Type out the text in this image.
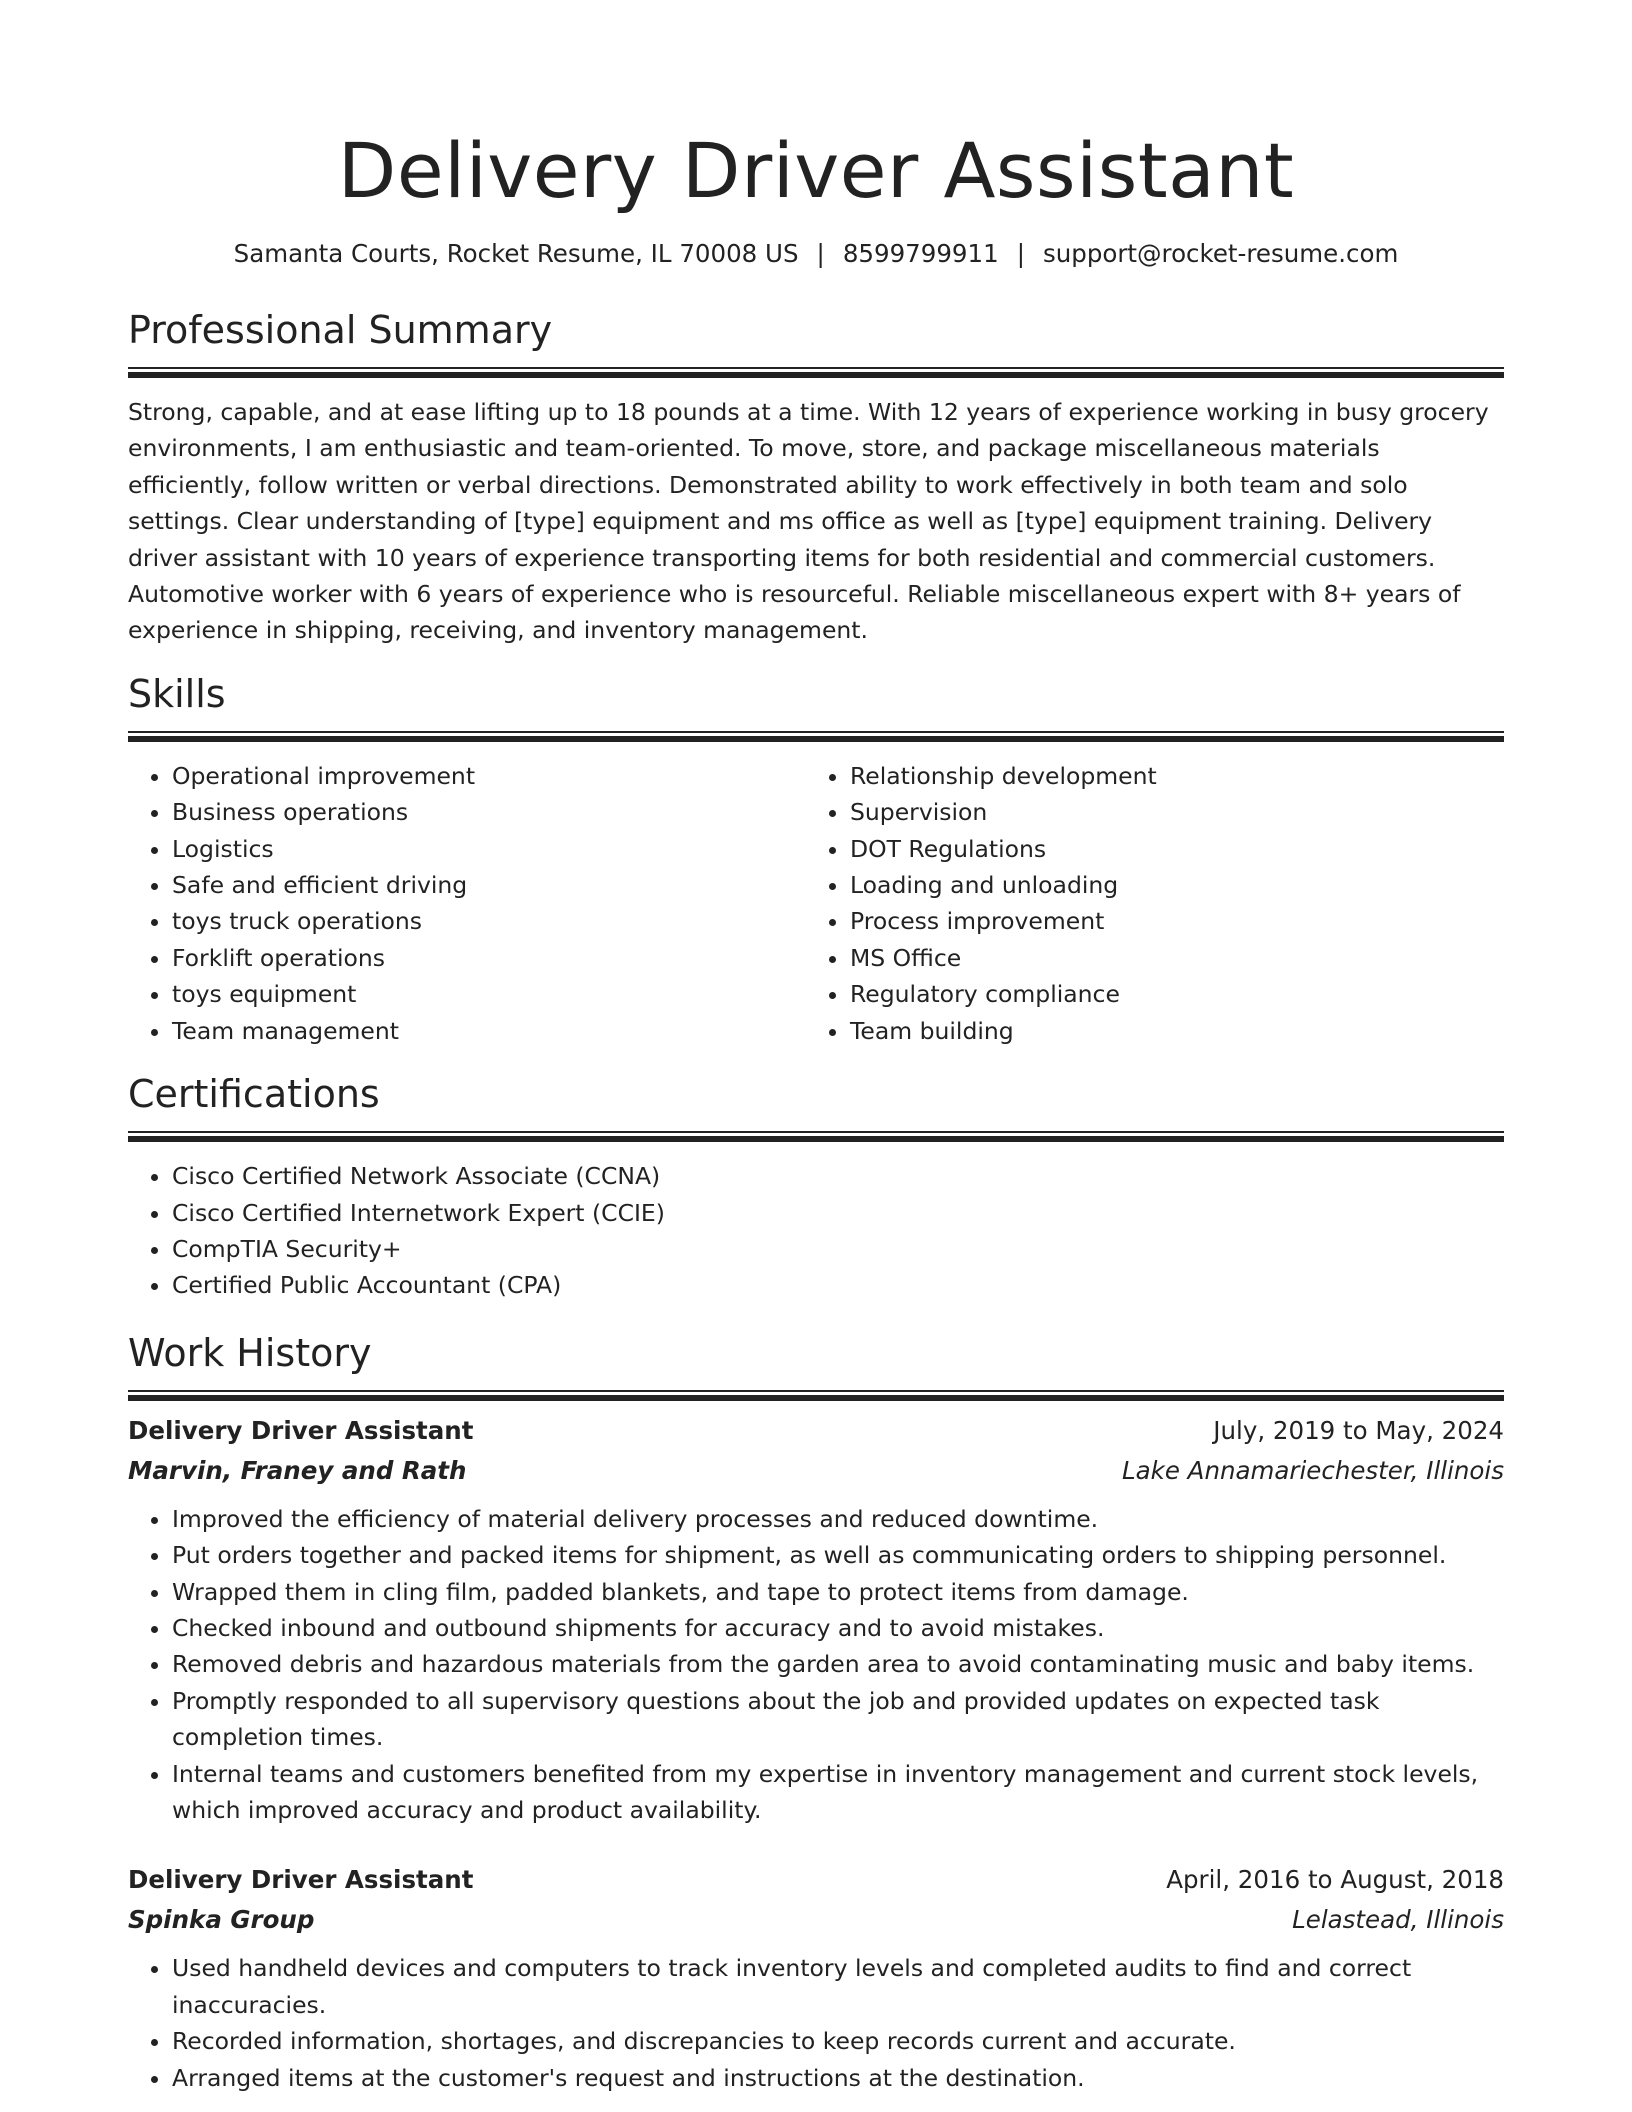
Delivery Driver Assistant
Samanta Courts, Rocket Resume, IL 70008 US | 8599799911 | support@rocket-resume.com
Professional Summary

Strong, capable, and at ease lifting up to 18 pounds at a time. With 12 years of experience working in busy grocery environments, I am enthusiastic and team-oriented. To move, store, and package miscellaneous materials efficiently, follow written or verbal directions. Demonstrated ability to work effectively in both team and solo settings. Clear understanding of [type] equipment and ms office as well as [type] equipment training. Delivery driver assistant with 10 years of experience transporting items for both residential and commercial customers. Automotive worker with 6 years of experience who is resourceful. Reliable miscellaneous expert with 8+ years of experience in shipping, receiving, and inventory management.

Skills
• Operational improvement
• Business operations
• Logistics
• Safe and efficient driving
• toys truck operations
• Forklift operations
• toys equipment
• Team management
• Relationship development
• Supervision
• DOT Regulations
• Loading and unloading
• Process improvement
• MS Office
• Regulatory compliance
• Team building
Certifications
• Cisco Certified Network Associate (CCNA)
• Cisco Certified Internetwork Expert (CCIE)
• CompTIA Security+
• Certified Public Accountant (CPA)
Work History
Delivery Driver Assistant	July, 2019 to May, 2024
Marvin, Franey and Rath	Lake Annamariechester, Illinois
• Improved the efficiency of material delivery processes and reduced downtime.
• Put orders together and packed items for shipment, as well as communicating orders to shipping personnel.
• Wrapped them in cling film, padded blankets, and tape to protect items from damage.
• Checked inbound and outbound shipments for accuracy and to avoid mistakes.
• Removed debris and hazardous materials from the garden area to avoid contaminating music and baby items.
• Promptly responded to all supervisory questions about the job and provided updates on expected task completion times.
• Internal teams and customers benefited from my expertise in inventory management and current stock levels, which improved accuracy and product availability.
Delivery Driver Assistant	April, 2016 to August, 2018
Spinka Group	Lelastead, Illinois
• Used handheld devices and computers to track inventory levels and completed audits to find and correct inaccuracies.
• Recorded information, shortages, and discrepancies to keep records current and accurate.
• Arranged items at the customer's request and instructions at the destination.
